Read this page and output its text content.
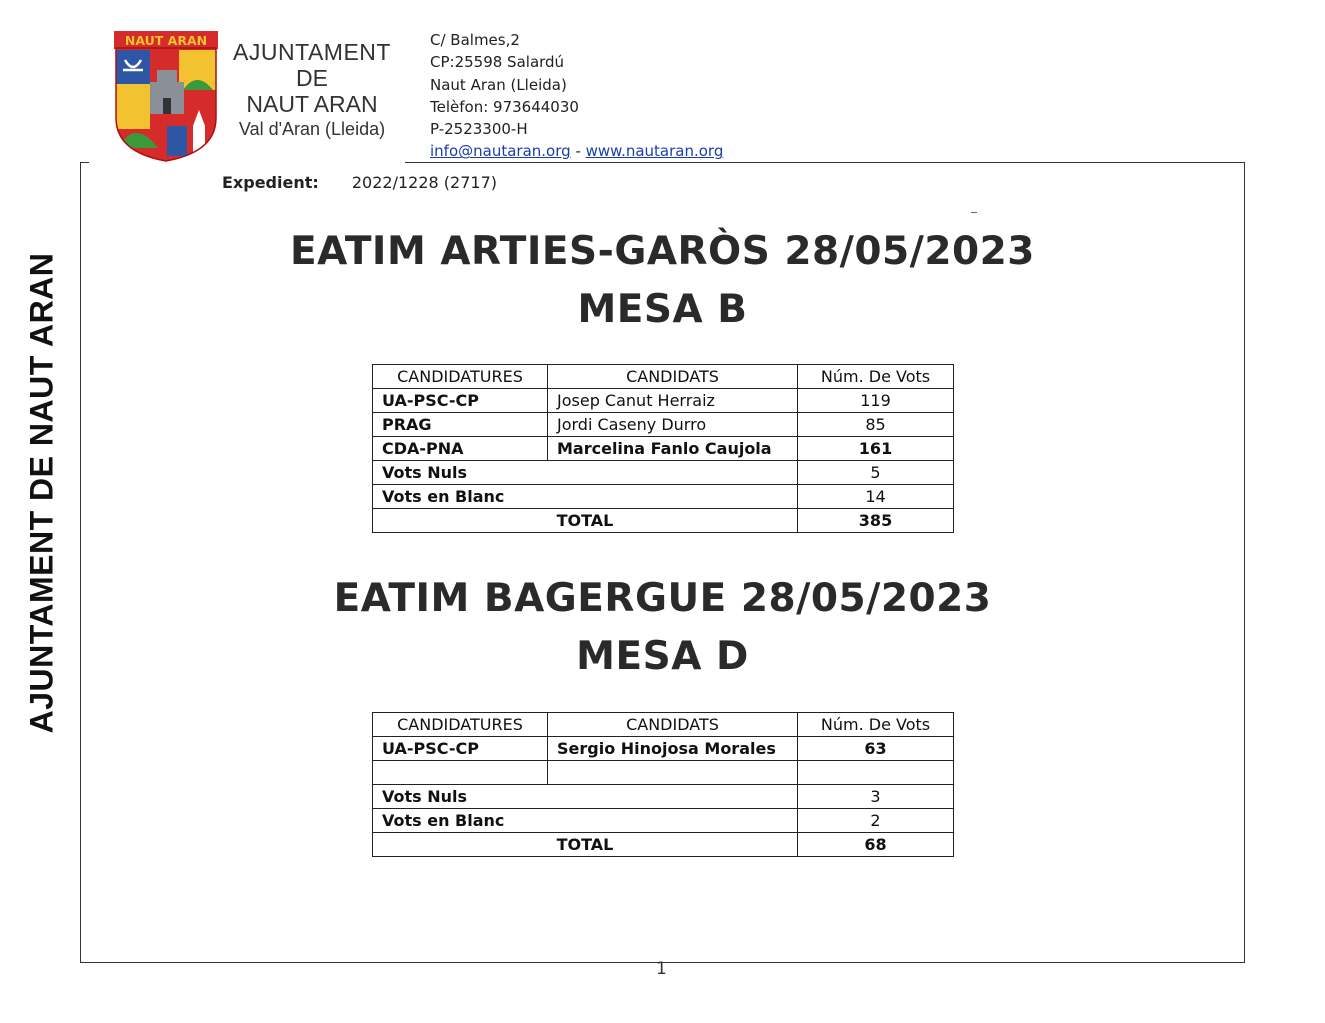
NAUT ARAN AJUNTAMENT
DE
NAUT ARAN
Val d'Aran (Lleida)
C/ Balmes,2
CP:25598 Salardú
Naut Aran (Lleida)
Telèfon: 973644030
P-2523300-H
info@nautaran.org - www.nautaran.org
AJUNTAMENT DE NAUT ARAN
Expedient: 2022/1228 (2717)
EATIM ARTIES-GARÒS 28/05/2023
MESA B
CANDIDATURES	CANDIDATS	Núm. De Vots
UA-PSC-CP	Josep Canut Herraiz	119
PRAG	Jordi Caseny Durro	85
CDA-PNA	Marcelina Fanlo Caujola	161
Vots Nuls		5
Vots en Blanc		14
TOTAL		385
EATIM BAGERGUE 28/05/2023
MESA D
CANDIDATURES	CANDIDATS	Núm. De Vots
UA-PSC-CP	Sergio Hinojosa Morales	63

Vots Nuls		3
Vots en Blanc		2
TOTAL		68
1
